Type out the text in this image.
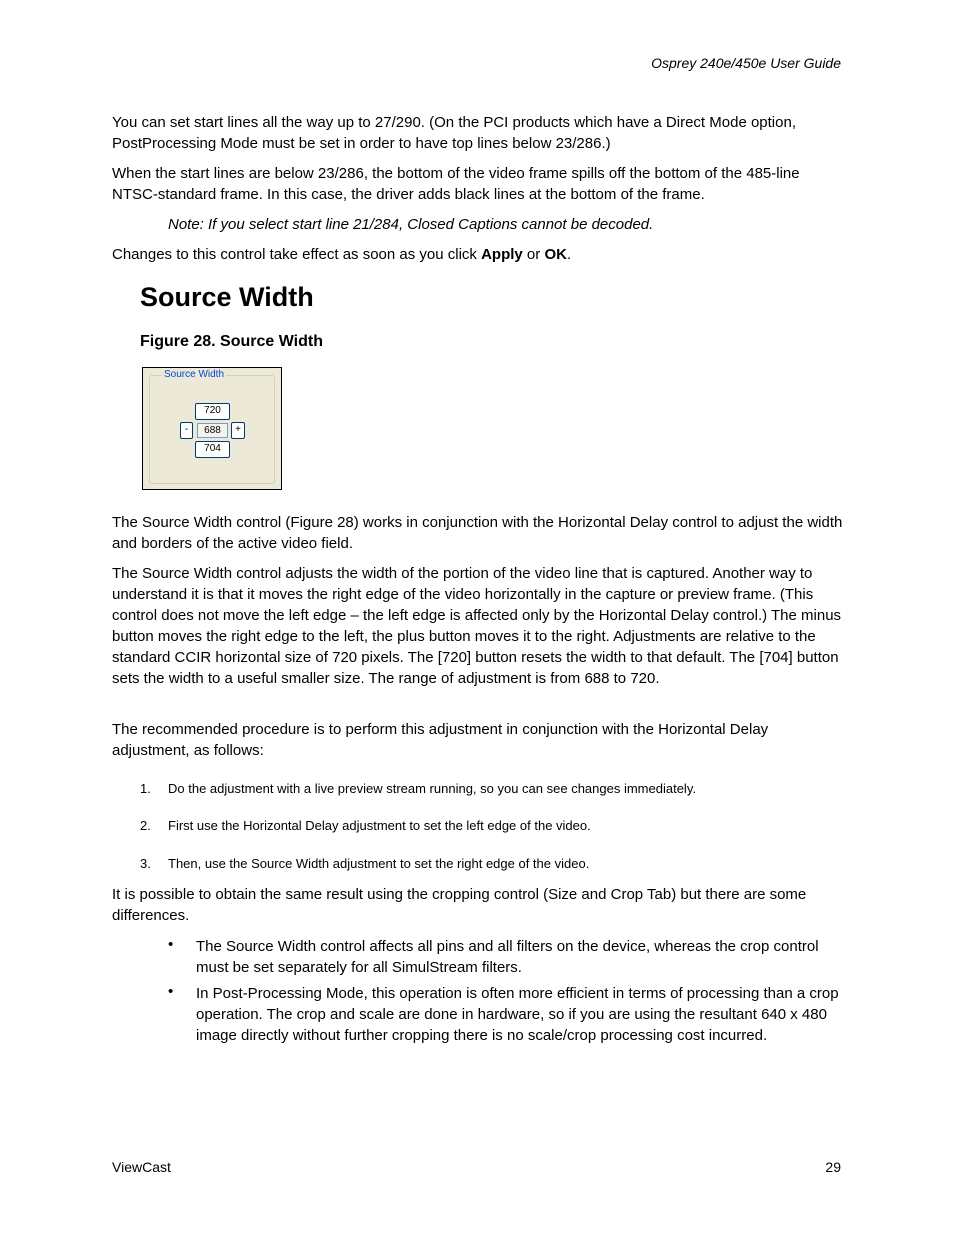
Osprey 240e/450e User Guide
You can set start lines all the way up to 27/290. (On the PCI products which have a Direct Mode option, PostProcessing Mode must be set in order to have top lines below 23/286.)
When the start lines are below 23/286, the bottom of the video frame spills off the bottom of the 485-line NTSC-standard frame. In this case, the driver adds black lines at the bottom of the frame.
Note: If you select start line 21/284, Closed Captions cannot be decoded.
Changes to this control take effect as soon as you click Apply or OK.
Source Width
Figure 28. Source Width
Source Width
720
-	688	+
704
The Source Width control (Figure 28) works in conjunction with the Horizontal Delay control to adjust the width and borders of the active video field.
The Source Width control adjusts the width of the portion of the video line that is captured. Another way to understand it is that it moves the right edge of the video horizontally in the capture or preview frame. (This control does not move the left edge – the left edge is affected only by the Horizontal Delay control.) The minus button moves the right edge to the left, the plus button moves it to the right. Adjustments are relative to the standard CCIR horizontal size of 720 pixels. The [720] button resets the width to that default. The [704] button sets the width to a useful smaller size. The range of adjustment is from 688 to 720.
The recommended procedure is to perform this adjustment in conjunction with the Horizontal Delay adjustment, as follows:
1. Do the adjustment with a live preview stream running, so you can see changes immediately.
2. First use the Horizontal Delay adjustment to set the left edge of the video.
3. Then, use the Source Width adjustment to set the right edge of the video.
It is possible to obtain the same result using the cropping control (Size and Crop Tab) but there are some differences.
• The Source Width control affects all pins and all filters on the device, whereas the crop control must be set separately for all SimulStream filters.
• In Post-Processing Mode, this operation is often more efficient in terms of processing than a crop operation. The crop and scale are done in hardware, so if you are using the resultant 640 x 480 image directly without further cropping there is no scale/crop processing cost incurred.
ViewCast	29
